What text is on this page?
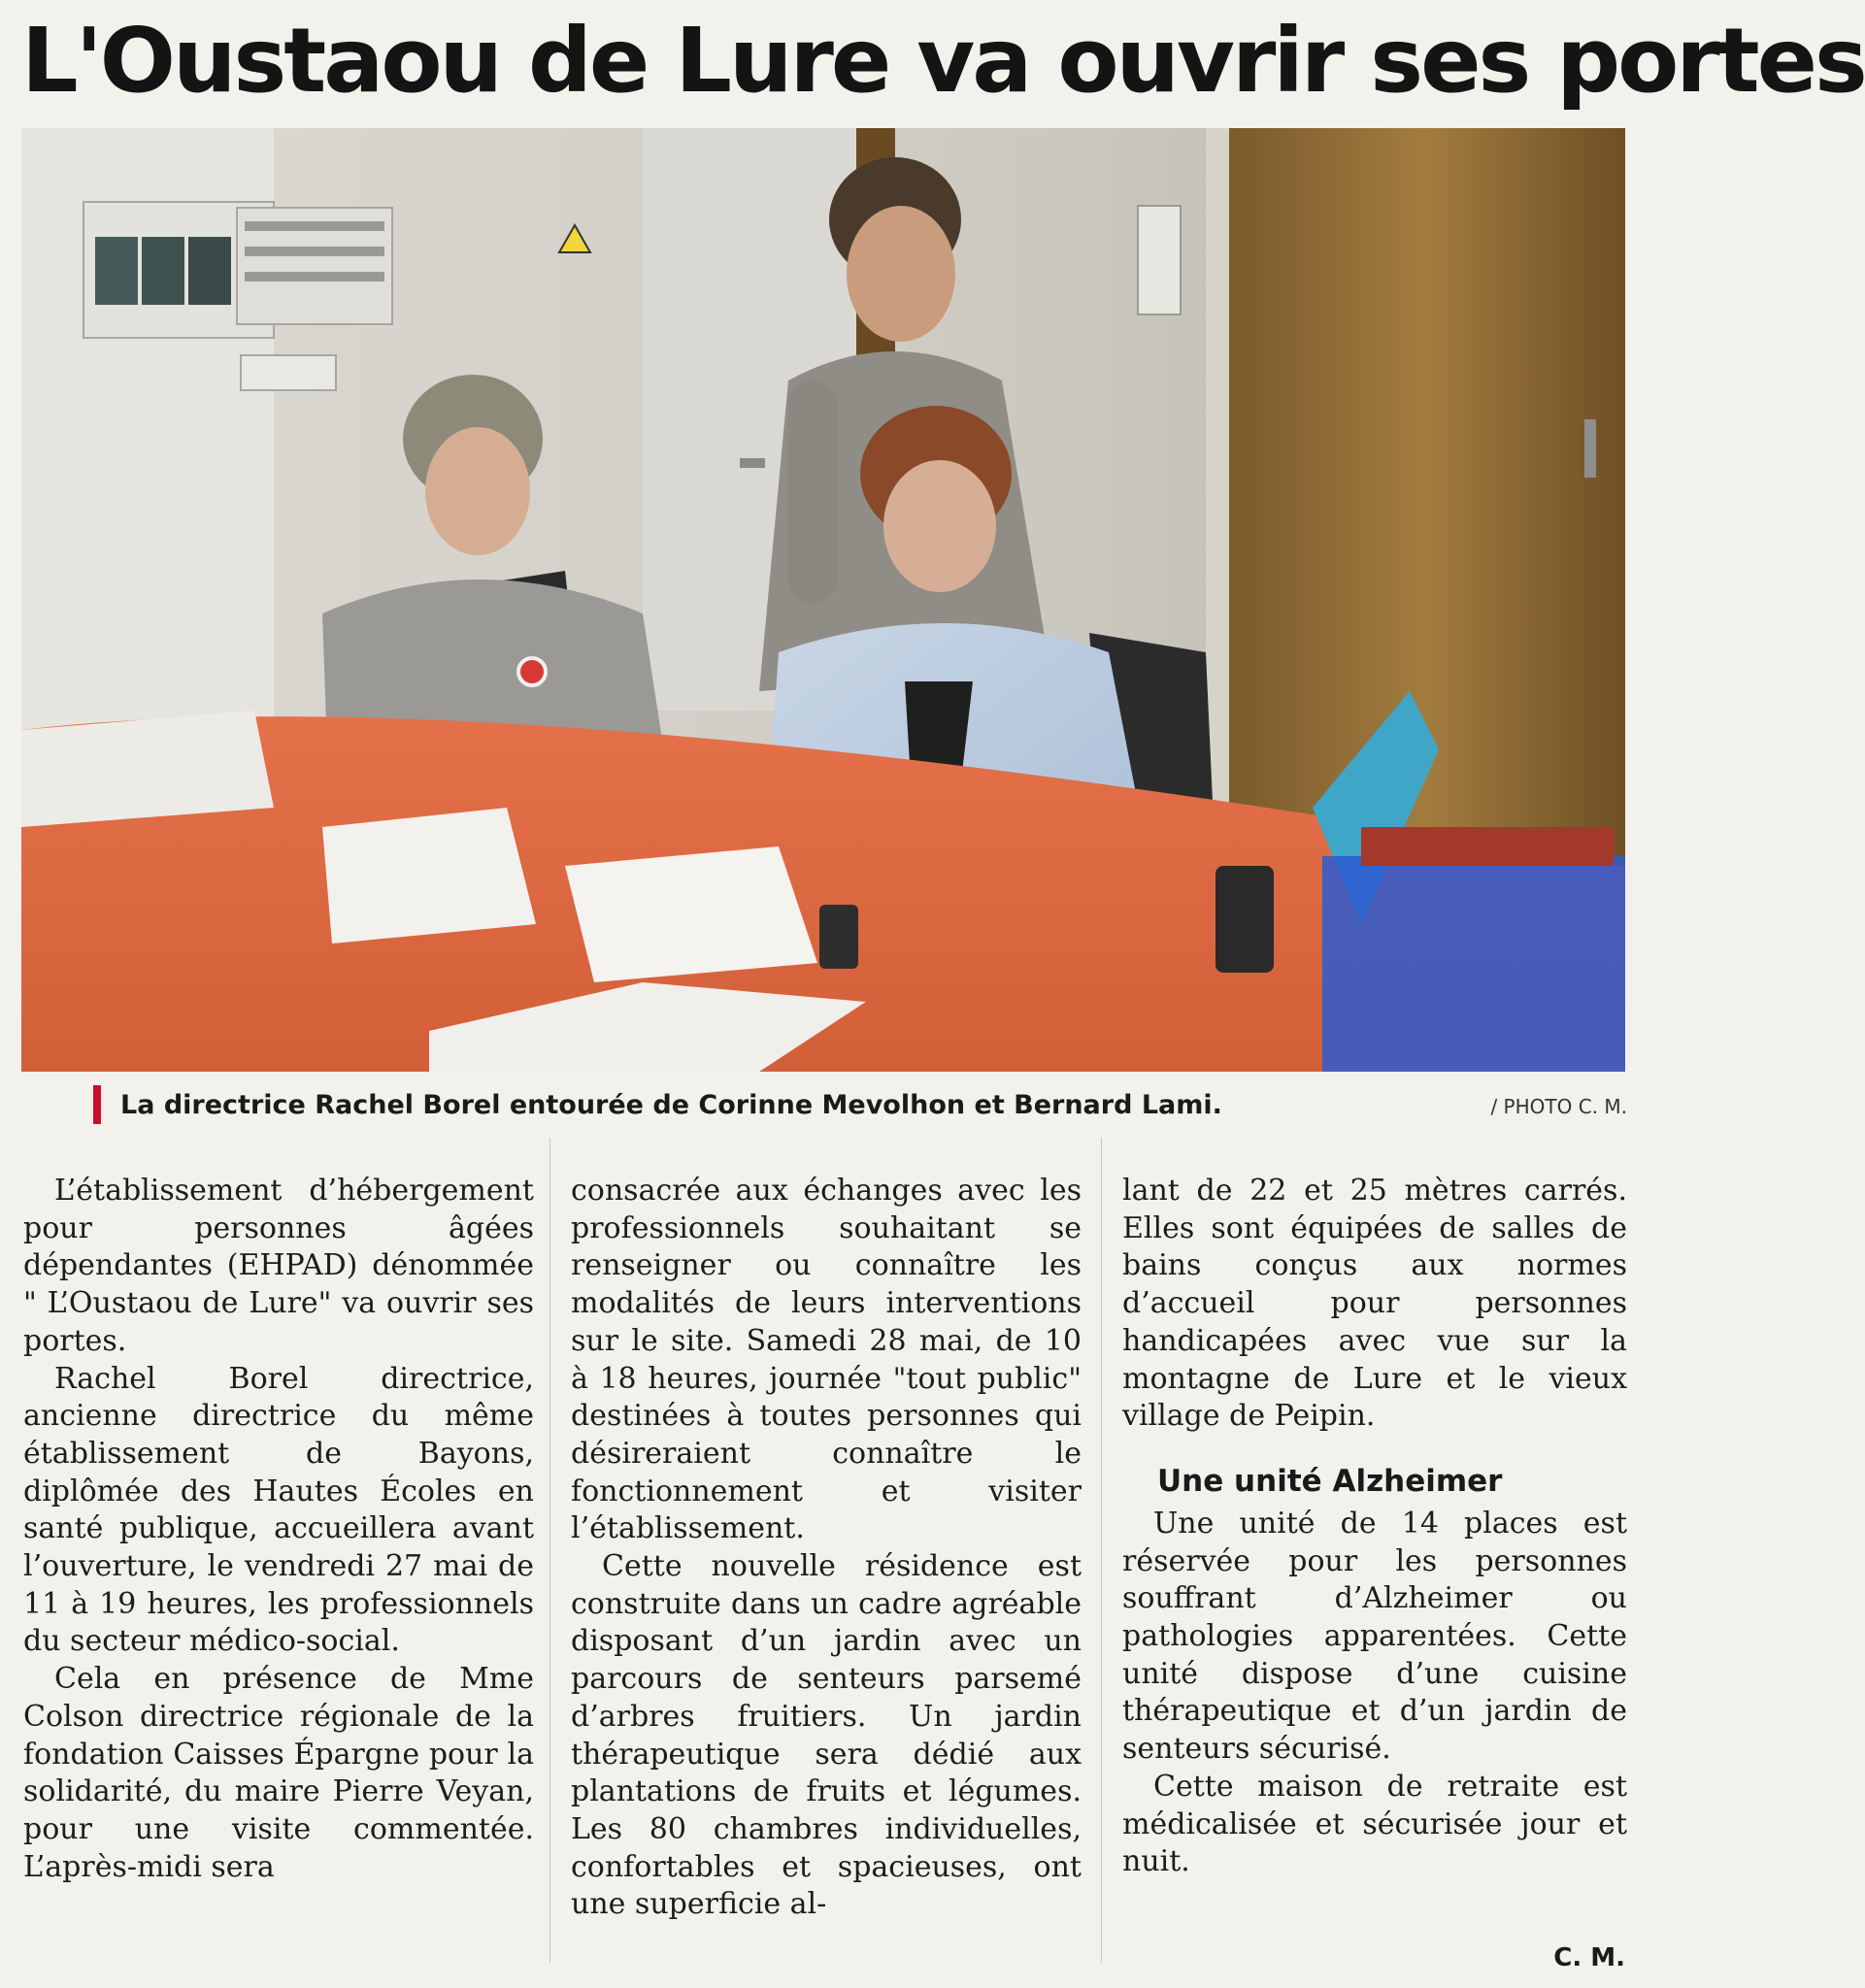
L'Oustaou de Lure va ouvrir ses portes
La directrice Rachel Borel entourée de Corinne Mevolhon et Bernard Lami.	/ PHOTO C. M.

L’établissement d’hébergement pour personnes âgées dépendantes (EHPAD) dénommée " L’Oustaou de Lure" va ouvrir ses portes.

Rachel Borel directrice, ancienne directrice du même établissement de Bayons, diplômée des Hautes Écoles en santé publique, accueillera avant l’ouverture, le vendredi 27 mai de 11 à 19 heures, les professionnels du secteur médico-social.

Cela en présence de Mme Colson directrice régionale de la fondation Caisses Épargne pour la solidarité, du maire Pierre Veyan, pour une visite commentée. L’après-midi sera

consacrée aux échanges avec les professionnels souhaitant se renseigner ou connaître les modalités de leurs interventions sur le site. Samedi 28 mai, de 10 à 18 heures, journée "tout public" destinées à toutes personnes qui désireraient connaître le fonctionnement et visiter l’établissement.

Cette nouvelle résidence est construite dans un cadre agréable disposant d’un jardin avec un parcours de senteurs parsemé d’arbres fruitiers. Un jardin thérapeutique sera dédié aux plantations de fruits et légumes. Les 80 chambres individuelles, confortables et spacieuses, ont une superficie al-

lant de 22 et 25 mètres carrés. Elles sont équipées de salles de bains conçus aux normes d’accueil pour personnes handicapées avec vue sur la montagne de Lure et le vieux village de Peipin.

Une unité Alzheimer

Une unité de 14 places est réservée pour les personnes souffrant d’Alzheimer ou pathologies apparentées. Cette unité dispose d’une cuisine thérapeutique et d’un jardin de senteurs sécurisé.

Cette maison de retraite est médicalisée et sécurisée jour et nuit.

C. M.
